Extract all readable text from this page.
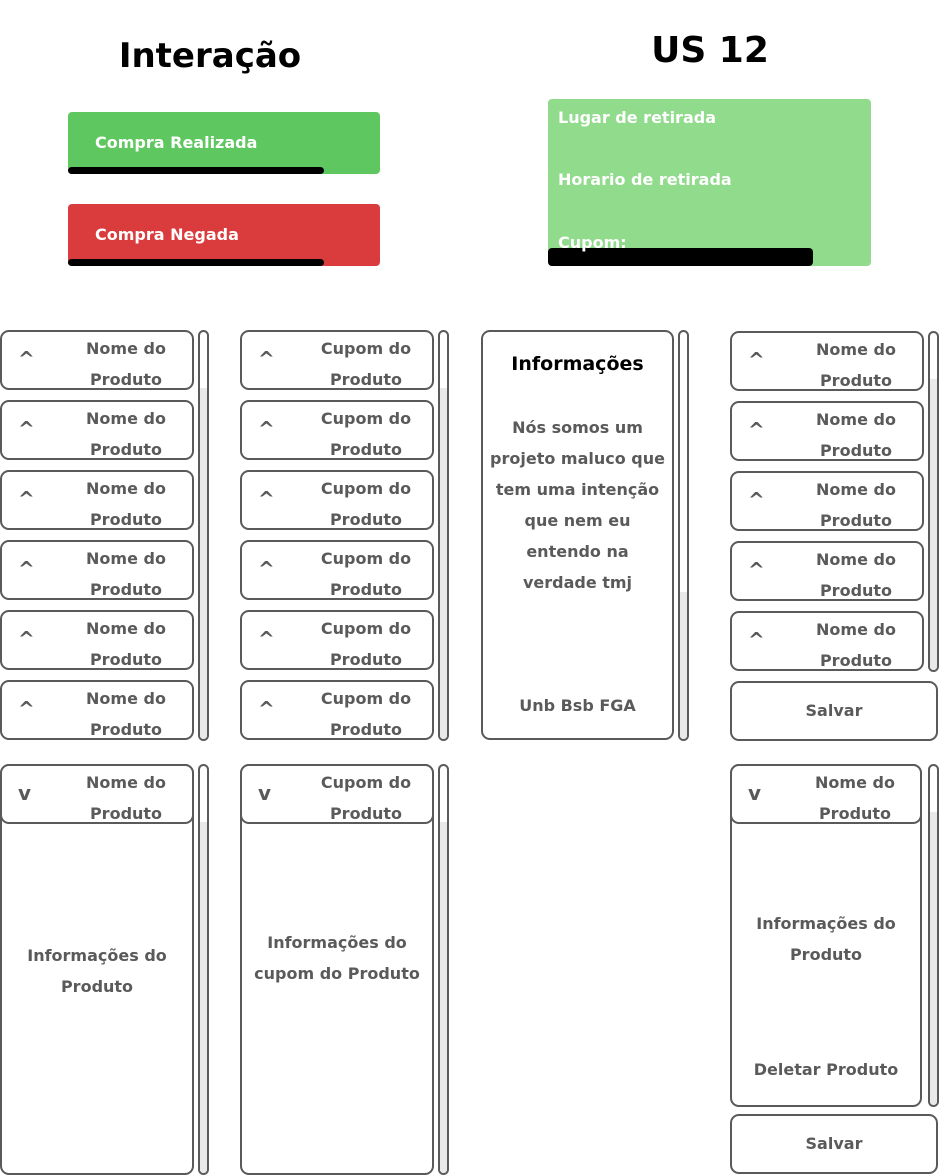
Interação	US 12
Compra Realizada
Compra Negada
Lugar de retirada
Horario de retirada
Cupom:
^	Nome do Produto
^	Nome do Produto
^	Nome do Produto
^	Nome do Produto
^	Nome do Produto
^	Nome do Produto
^	Cupom do Produto
^	Cupom do Produto
^	Cupom do Produto
^	Cupom do Produto
^	Cupom do Produto
^	Cupom do Produto
Informações
Nós somos um projeto maluco que tem uma intenção que nem eu entendo na verdade tmj
Unb Bsb FGA
^	Nome do Produto
^	Nome do Produto
^	Nome do Produto
^	Nome do Produto
^	Nome do Produto
Salvar
Informações do Produto
v	Nome do Produto
Informações do cupom do Produto
v	Cupom do Produto
Informações do Produto
Deletar Produto
v	Nome do Produto
Salvar
